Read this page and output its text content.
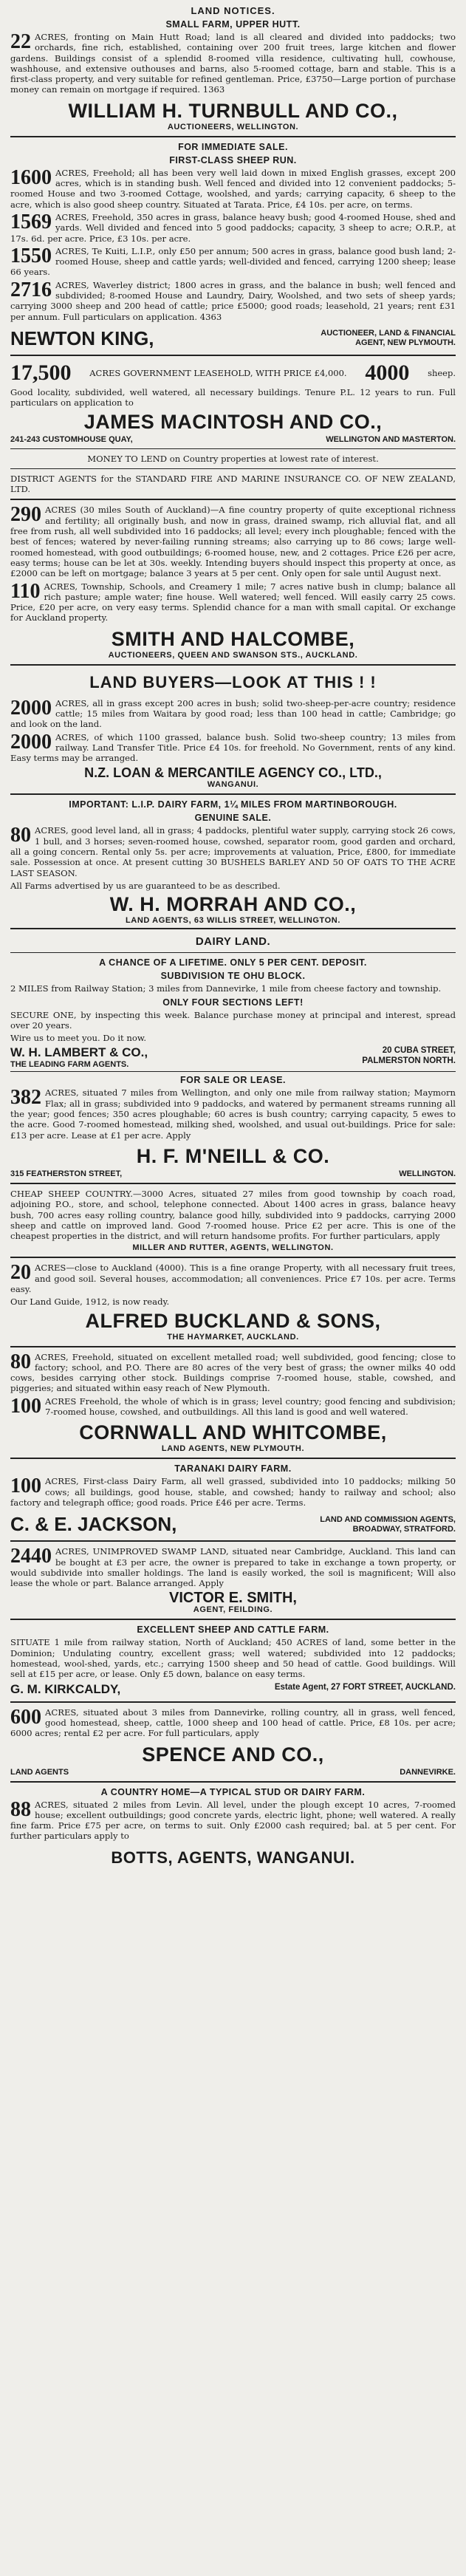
LAND NOTICES.
SMALL FARM, UPPER HUTT.
22 ACRES, fronting on Main Hutt Road; land is all cleared and divided into paddocks; two orchards, fine rich, established, containing over 200 fruit trees, large kitchen and flower gardens. Buildings consist of a splendid 8-roomed villa residence, cultivating hull, cowhouse, washhouse, and extensive outhouses and barns, also 5-roomed cottage, barn and stable. This is a first-class property, and very suitable for refined gentleman. Price, £3750—Large portion of purchase money can remain on mortgage if required. 1363
WILLIAM H. TURNBULL AND CO.,
AUCTIONEERS, WELLINGTON.
FOR IMMEDIATE SALE.
FIRST-CLASS SHEEP RUN.
1600 ACRES, Freehold; all has been very well laid down in mixed English grasses, except 200 acres, which is in standing bush. Well fenced and divided into 12 convenient paddocks; 5-roomed House and two 3-roomed Cottage, woolshed, and yards; carrying capacity, 6 sheep to the acre, which is also good sheep country. Situated at Tarata. Price, £4 10s. per acre, on terms.
1569 ACRES, Freehold, 350 acres in grass, balance heavy bush; good 4-roomed House, shed and yards. Well divided and fenced into 5 good paddocks; capacity, 3 sheep to acre; O.R.P., at 17s. 6d. per acre. Price, £3 10s. per acre.
1550 ACRES, Te Kuiti, L.I.P., only £50 per annum; 500 acres in grass, balance good bush land; 2-roomed House, sheep and cattle yards; well-divided and fenced, carrying 1200 sheep; lease 66 years.
2716 ACRES, Waverley district; 1800 acres in grass, and the balance in bush; well fenced and subdivided; 8-roomed House and Laundry, Dairy, Woolshed, and two sets of sheep yards; carrying 3000 sheep and 200 head of cattle; price £5000; good roads; leasehold, 21 years; rent £31 per annum. Full particulars on application. 4363
NEWTON KING,	AUCTIONEER, LAND & FINANCIAL
AGENT, NEW PLYMOUTH.
17,500 ACRES GOVERNMENT LEASEHOLD, WITH PRICE £4,000. 4000 sheep.
Good locality, subdivided, well watered, all necessary buildings. Tenure P.L. 12 years to run. Full particulars on application to
JAMES MACINTOSH AND CO.,
241-243 CUSTOMHOUSE QUAY,	WELLINGTON AND MASTERTON.
MONEY TO LEND on Country properties at lowest rate of interest.
DISTRICT AGENTS for the STANDARD FIRE AND MARINE INSURANCE CO. OF NEW ZEALAND, LTD.
290 ACRES (30 miles South of Auckland)—A fine country property of quite exceptional richness and fertility; all originally bush, and now in grass, drained swamp, rich alluvial flat, and all free from rush, all well subdivided into 16 paddocks; all level; every inch ploughable; fenced with the best of fences; watered by never-failing running streams; also carrying up to 86 cows; large well-roomed homestead, with good outbuildings; 6-roomed house, new, and 2 cottages. Price £26 per acre, easy terms; house can be let at 30s. weekly. Intending buyers should inspect this property at once, as £2000 can be left on mortgage; balance 3 years at 5 per cent. Only open for sale until August next.
110 ACRES, Township, Schools, and Creamery 1 mile; 7 acres native bush in clump; balance all rich pasture; ample water; fine house. Well watered; well fenced. Will easily carry 25 cows. Price, £20 per acre, on very easy terms. Splendid chance for a man with small capital. Or exchange for Auckland property.
SMITH AND HALCOMBE,
AUCTIONEERS, QUEEN AND SWANSON STS., AUCKLAND.
LAND BUYERS—LOOK AT THIS ! !
2000 ACRES, all in grass except 200 acres in bush; solid two-sheep-per-acre country; residence cattle; 15 miles from Waitara by good road; less than 100 head in cattle; Cambridge; go and look on the land.
2000 ACRES, of which 1100 grassed, balance bush. Solid two-sheep country; 13 miles from railway. Land Transfer Title. Price £4 10s. for freehold. No Government, rents of any kind. Easy terms may be arranged.
N.Z. LOAN & MERCANTILE AGENCY CO., LTD.,
WANGANUI.
IMPORTANT: L.I.P. DAIRY FARM, 1¼ MILES FROM MARTINBOROUGH.
GENUINE SALE.
80 ACRES, good level land, all in grass; 4 paddocks, plentiful water supply, carrying stock 26 cows, 1 bull, and 3 horses; seven-roomed house, cowshed, separator room, good garden and orchard, all a going concern. Rental only 5s. per acre; improvements at valuation, Price, £800, for immediate sale. Possession at once. At present cutting 30 BUSHELS BARLEY AND 50 OF OATS TO THE ACRE LAST SEASON.
All Farms advertised by us are guaranteed to be as described.
W. H. MORRAH AND CO.,
LAND AGENTS, 63 WILLIS STREET, WELLINGTON.
DAIRY LAND.
A CHANCE OF A LIFETIME. ONLY 5 PER CENT. DEPOSIT.
SUBDIVISION TE OHU BLOCK.
2 MILES from Railway Station; 3 miles from Dannevirke, 1 mile from cheese factory and township.
ONLY FOUR SECTIONS LEFT!
SECURE ONE, by inspecting this week. Balance purchase money at principal and interest, spread over 20 years.
Wire us to meet you. Do it now.
W. H. LAMBERT & CO.,
THE LEADING FARM AGENTS.
20 CUBA STREET,
PALMERSTON NORTH.
FOR SALE OR LEASE.
382 ACRES, situated 7 miles from Wellington, and only one mile from railway station; Maymorn Flax; all in grass; subdivided into 9 paddocks, and watered by permanent streams running all the year; good fences; 350 acres ploughable; 60 acres is bush country; carrying capacity, 5 ewes to the acre. Good 7-roomed homestead, milking shed, woolshed, and usual out-buildings. Price for sale: £13 per acre. Lease at £1 per acre. Apply
H. F. M'NEILL & CO.
315 FEATHERSTON STREET,	WELLINGTON.
CHEAP SHEEP COUNTRY.—3000 Acres, situated 27 miles from good township by coach road, adjoining P.O., store, and school, telephone connected. About 1400 acres in grass, balance heavy bush, 700 acres easy rolling country, balance good hilly, subdivided into 9 paddocks, carrying 2000 sheep and cattle on improved land. Good 7-roomed house. Price £2 per acre. This is one of the cheapest properties in the district, and will return handsome profits. For further particulars, apply
MILLER AND RUTTER, AGENTS, WELLINGTON.
20 ACRES—close to Auckland (4000). This is a fine orange Property, with all necessary fruit trees, and good soil. Several houses, accommodation; all conveniences. Price £7 10s. per acre. Terms easy.
Our Land Guide, 1912, is now ready.
ALFRED BUCKLAND & SONS,
THE HAYMARKET, AUCKLAND.
80 ACRES, Freehold, situated on excellent metalled road; well subdivided, good fencing; close to factory; school, and P.O. There are 80 acres of the very best of grass; the owner milks 40 odd cows, besides carrying other stock. Buildings comprise 7-roomed house, stable, cowshed, and piggeries; and situated within easy reach of New Plymouth.
100 ACRES Freehold, the whole of which is in grass; level country; good fencing and subdivision; 7-roomed house, cowshed, and outbuildings. All this land is good and well watered.
CORNWALL AND WHITCOMBE,
LAND AGENTS, NEW PLYMOUTH.
TARANAKI DAIRY FARM.
100 ACRES, First-class Dairy Farm, all well grassed, subdivided into 10 paddocks; milking 50 cows; all buildings, good house, stable, and cowshed; handy to railway and school; also factory and telegraph office; good roads. Price £46 per acre. Terms.
C. & E. JACKSON,	LAND AND COMMISSION AGENTS,
BROADWAY, STRATFORD.
2440 ACRES, UNIMPROVED SWAMP LAND, situated near Cambridge, Auckland. This land can be bought at £3 per acre, the owner is prepared to take in exchange a town property, or would subdivide into smaller holdings. The land is easily worked, the soil is magnificent; Will also lease the whole or part. Balance arranged. Apply
VICTOR E. SMITH,
AGENT, FEILDING.
EXCELLENT SHEEP AND CATTLE FARM.
SITUATE 1 mile from railway station, North of Auckland; 450 ACRES of land, some better in the Dominion; Undulating country, excellent grass; well watered; subdivided into 12 paddocks; homestead, wool-shed, yards, etc.; carrying 1500 sheep and 50 head of cattle. Good buildings. Will sell at £15 per acre, or lease. Only £5 down, balance on easy terms.
G. M. KIRKCALDY,	Estate Agent, 27 FORT STREET, AUCKLAND.
600 ACRES, situated about 3 miles from Dannevirke, rolling country, all in grass, well fenced, good homestead, sheep, cattle, 1000 sheep and 100 head of cattle. Price, £8 10s. per acre; 6000 acres; rental £2 per acre. For full particulars, apply
SPENCE AND CO.,
LAND AGENTS	DANNEVIRKE.
A COUNTRY HOME—A TYPICAL STUD OR DAIRY FARM.
88 ACRES, situated 2 miles from Levin. All level, under the plough except 10 acres, 7-roomed house; excellent outbuildings; good concrete yards, electric light, phone; well watered. A really fine farm. Price £75 per acre, on terms to suit. Only £2000 cash required; bal. at 5 per cent. For further particulars apply to
BOTTS, AGENTS, WANGANUI.
